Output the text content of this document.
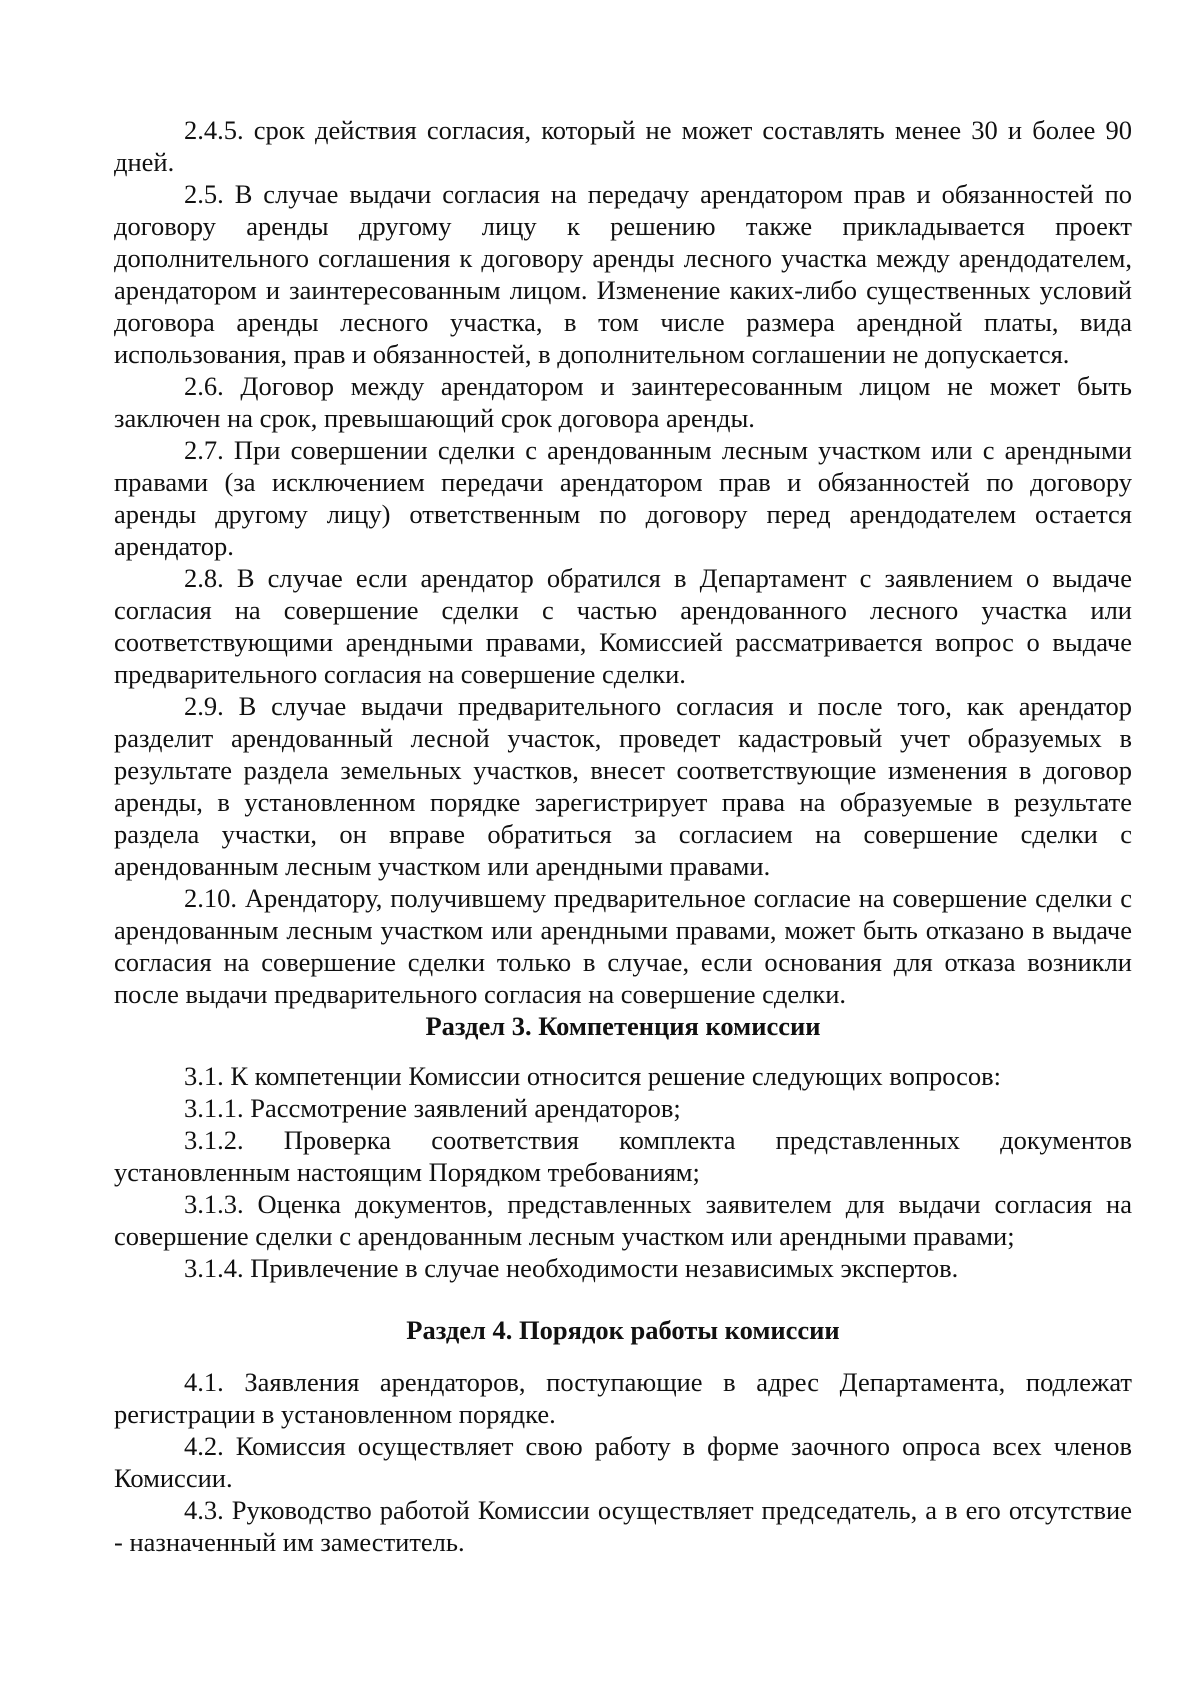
2.4.5. срок действия согласия, который не может составлять менее 30 и более 90 дней.

2.5. В случае выдачи согласия на передачу арендатором прав и обязанностей по договору аренды другому лицу к решению также прикладывается проект дополнительного соглашения к договору аренды лесного участка между арендодателем, арендатором и заинтересованным лицом. Изменение каких-либо существенных условий договора аренды лесного участка, в том числе размера арендной платы, вида использования, прав и обязанностей, в дополнительном соглашении не допускается.

2.6. Договор между арендатором и заинтересованным лицом не может быть заключен на срок, превышающий срок договора аренды.

2.7. При совершении сделки с арендованным лесным участком или с арендными правами (за исключением передачи арендатором прав и обязанностей по договору аренды другому лицу) ответственным по договору перед арендодателем остается арендатор.

2.8. В случае если арендатор обратился в Департамент с заявлением о выдаче согласия на совершение сделки с частью арендованного лесного участка или соответствующими арендными правами, Комиссией рассматривается вопрос о выдаче предварительного согласия на совершение сделки.

2.9. В случае выдачи предварительного согласия и после того, как арендатор разделит арендованный лесной участок, проведет кадастровый учет образуемых в результате раздела земельных участков, внесет соответствующие изменения в договор аренды, в установленном порядке зарегистрирует права на образуемые в результате раздела участки, он вправе обратиться за согласием на совершение сделки с арендованным лесным участком или арендными правами.

2.10. Арендатору, получившему предварительное согласие на совершение сделки с арендованным лесным участком или арендными правами, может быть отказано в выдаче согласия на совершение сделки только в случае, если основания для отказа возникли после выдачи предварительного согласия на совершение сделки.

Раздел 3. Компетенция комиссии

3.1. К компетенции Комиссии относится решение следующих вопросов:

3.1.1. Рассмотрение заявлений арендаторов;

3.1.2. Проверка соответствия комплекта представленных документов установленным настоящим Порядком требованиям;

3.1.3. Оценка документов, представленных заявителем для выдачи согласия на совершение сделки с арендованным лесным участком или арендными правами;

3.1.4. Привлечение в случае необходимости независимых экспертов.

Раздел 4. Порядок работы комиссии

4.1. Заявления арендаторов, поступающие в адрес Департамента, подлежат регистрации в установленном порядке.

4.2. Комиссия осуществляет свою работу в форме заочного опроса всех членов Комиссии.

4.3. Руководство работой Комиссии осуществляет председатель, а в его отсутствие - назначенный им заместитель.
